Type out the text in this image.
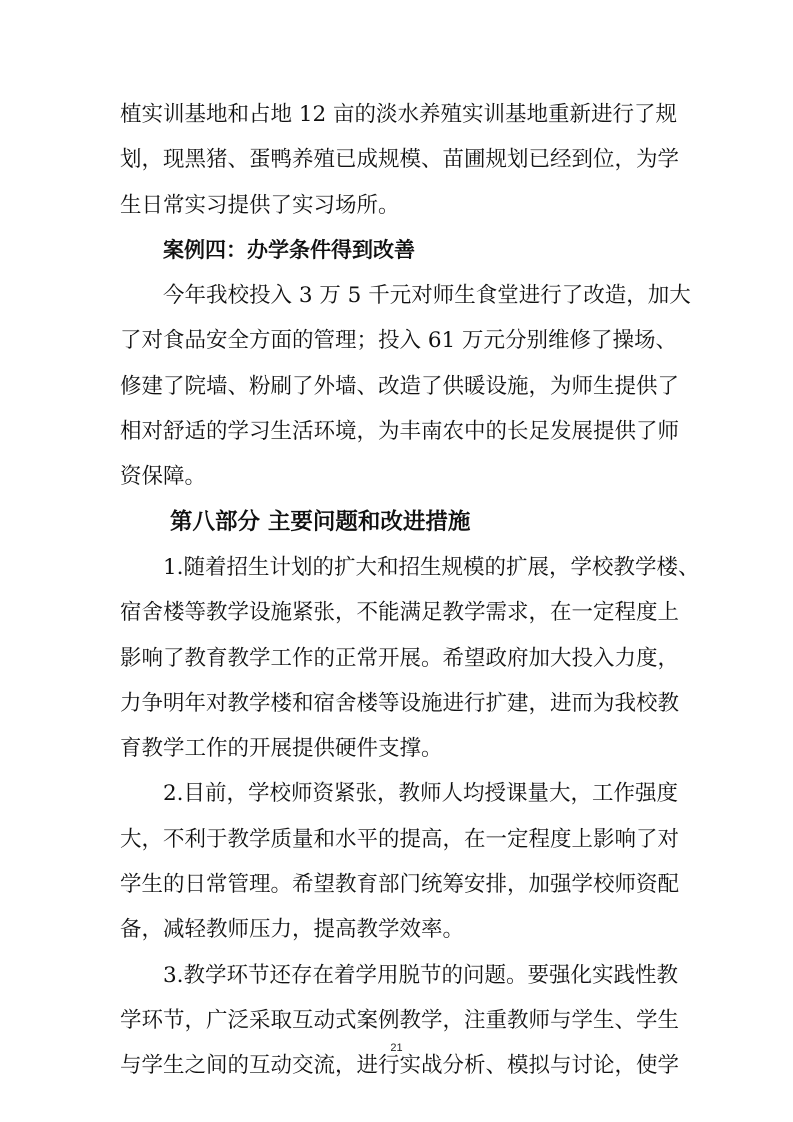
植实训基地和占地 12 亩的淡水养殖实训基地重新进行了规
划，现黑猪、蛋鸭养殖已成规模、苗圃规划已经到位，为学
生日常实习提供了实习场所。
案例四：办学条件得到改善
今年我校投入 3 万 5 千元对师生食堂进行了改造，加大
了对食品安全方面的管理；投入 61 万元分别维修了操场、
修建了院墙、粉刷了外墙、改造了供暖设施，为师生提供了
相对舒适的学习生活环境，为丰南农中的长足发展提供了师
资保障。
第八部分 主要问题和改进措施
1.随着招生计划的扩大和招生规模的扩展，学校教学楼、
宿舍楼等教学设施紧张，不能满足教学需求，在一定程度上
影响了教育教学工作的正常开展。希望政府加大投入力度，
力争明年对教学楼和宿舍楼等设施进行扩建，进而为我校教
育教学工作的开展提供硬件支撑。
2.目前，学校师资紧张，教师人均授课量大，工作强度
大，不利于教学质量和水平的提高，在一定程度上影响了对
学生的日常管理。希望教育部门统筹安排，加强学校师资配
备，减轻教师压力，提高教学效率。
3.教学环节还存在着学用脱节的问题。要强化实践性教
学环节，广泛采取互动式案例教学，注重教师与学生、学生
与学生之间的互动交流，进行实战分析、模拟与讨论，使学
21
